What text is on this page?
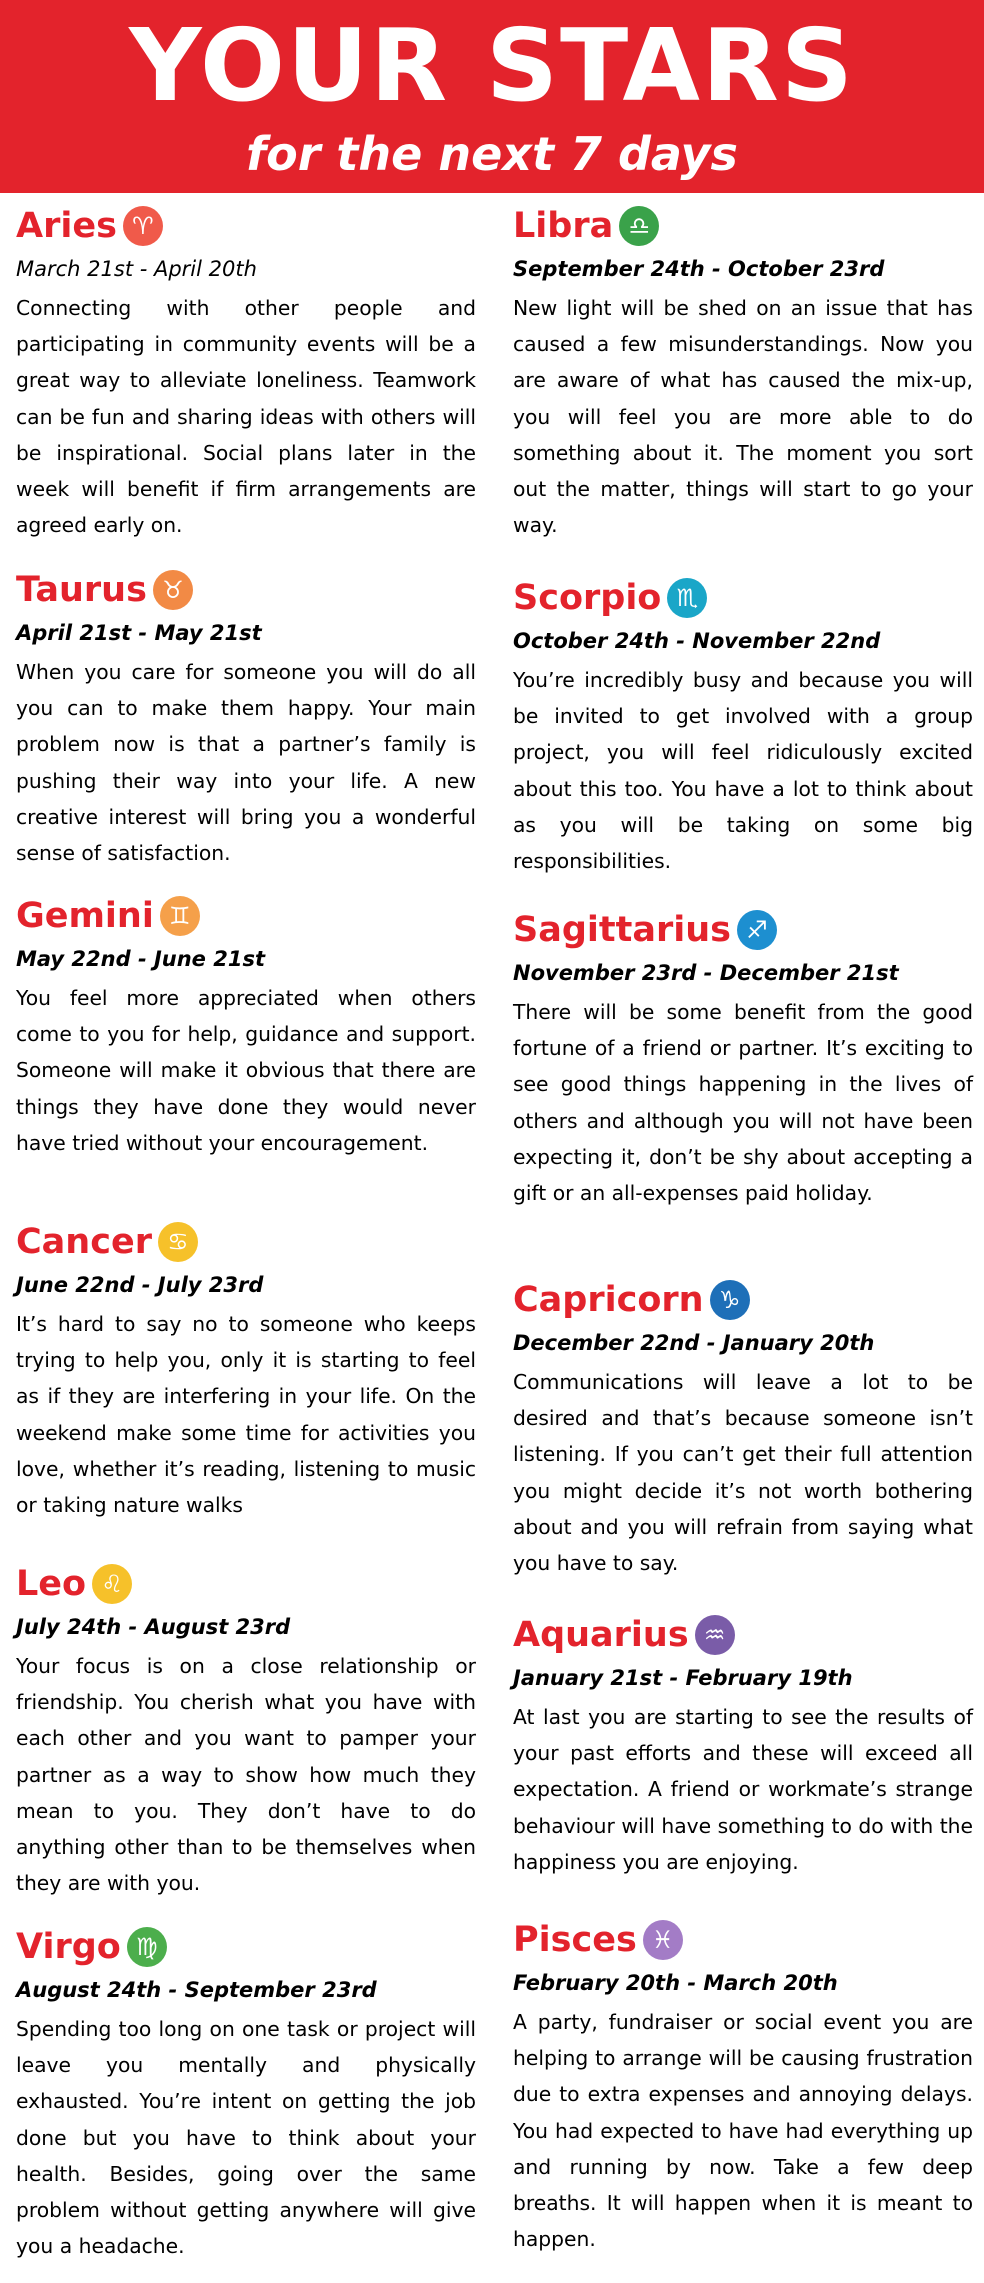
YOUR STARS
for the next 7 days
Aries ♈
March 21st - April 20th

Connecting with other people and participating in community events will be a great way to alleviate loneliness. Teamwork can be fun and sharing ideas with others will be inspirational. Social plans later in the week will benefit if firm arrangements are agreed early on.

Taurus ♉
April 21st - May 21st

When you care for someone you will do all you can to make them happy. Your main problem now is that a partner’s family is pushing their way into your life. A new creative interest will bring you a wonderful sense of satisfaction.

Gemini ♊
May 22nd - June 21st

You feel more appreciated when others come to you for help, guidance and support. Someone will make it obvious that there are things they have done they would never have tried without your encouragement.

Cancer ♋
June 22nd - July 23rd

It’s hard to say no to someone who keeps trying to help you, only it is starting to feel as if they are interfering in your life. On the weekend make some time for activities you love, whether it’s reading, listening to music or taking nature walks

Leo ♌
July 24th - August 23rd

Your focus is on a close relationship or friendship. You cherish what you have with each other and you want to pamper your partner as a way to show how much they mean to you. They don’t have to do anything other than to be themselves when they are with you.

Virgo ♍
August 24th - September 23rd

Spending too long on one task or project will leave you mentally and physically exhausted. You’re intent on getting the job done but you have to think about your health. Besides, going over the same problem without getting anywhere will give you a headache.

Libra ♎
September 24th - October 23rd

New light will be shed on an issue that has caused a few misunderstandings. Now you are aware of what has caused the mix-up, you will feel you are more able to do something about it. The moment you sort out the matter, things will start to go your way.

Scorpio ♏
October 24th - November 22nd

You’re incredibly busy and because you will be invited to get involved with a group project, you will feel ridiculously excited about this too. You have a lot to think about as you will be taking on some big responsibilities.

Sagittarius ♐
November 23rd - December 21st

There will be some benefit from the good fortune of a friend or partner. It’s exciting to see good things happening in the lives of others and although you will not have been expecting it, don’t be shy about accepting a gift or an all-expenses paid holiday.

Capricorn ♑
December 22nd - January 20th

Communications will leave a lot to be desired and that’s because someone isn’t listening. If you can’t get their full attention you might decide it’s not worth bothering about and you will refrain from saying what you have to say.

Aquarius ♒
January 21st - February 19th

At last you are starting to see the results of your past efforts and these will exceed all expectation. A friend or workmate’s strange behaviour will have something to do with the happiness you are enjoying.

Pisces ♓
February 20th - March 20th

A party, fundraiser or social event you are helping to arrange will be causing frustration due to extra expenses and annoying delays. You had expected to have had everything up and running by now. Take a few deep breaths. It will happen when it is meant to happen.
